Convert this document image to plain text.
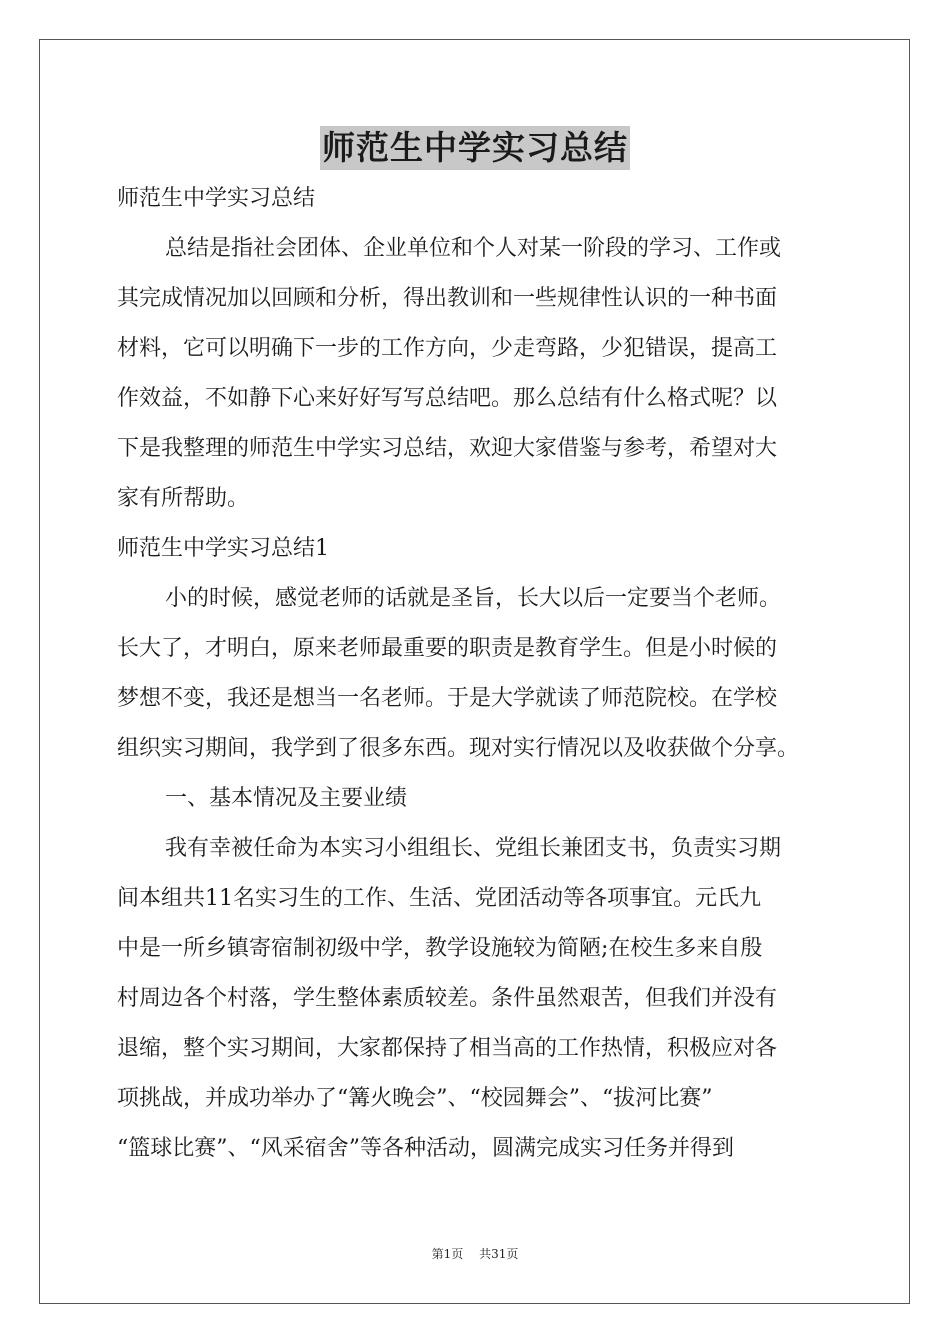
师范生中学实习总结
师范生中学实习总结
总结是指社会团体、企业单位和个人对某一阶段的学习、工作或
其完成情况加以回顾和分析，得出教训和一些规律性认识的一种书面
材料，它可以明确下一步的工作方向，少走弯路，少犯错误，提高工
作效益，不如静下心来好好写写总结吧。那么总结有什么格式呢？以
下是我整理的师范生中学实习总结，欢迎大家借鉴与参考，希望对大
家有所帮助。
师范生中学实习总结1
小的时候，感觉老师的话就是圣旨，长大以后一定要当个老师。
长大了，才明白，原来老师最重要的职责是教育学生。但是小时候的
梦想不变，我还是想当一名老师。于是大学就读了师范院校。在学校
组织实习期间，我学到了很多东西。现对实行情况以及收获做个分享。
一、基本情况及主要业绩
我有幸被任命为本实习小组组长、党组长兼团支书，负责实习期
间本组共11名实习生的工作、生活、党团活动等各项事宜。元氏九
中是一所乡镇寄宿制初级中学，教学设施较为简陋;在校生多来自殷
村周边各个村落，学生整体素质较差。条件虽然艰苦，但我们并没有
退缩，整个实习期间，大家都保持了相当高的工作热情，积极应对各
项挑战，并成功举办了“篝火晚会”、“校园舞会”、“拔河比赛”
“篮球比赛”、“风采宿舍”等各种活动，圆满完成实习任务并得到
第1页 共31页
